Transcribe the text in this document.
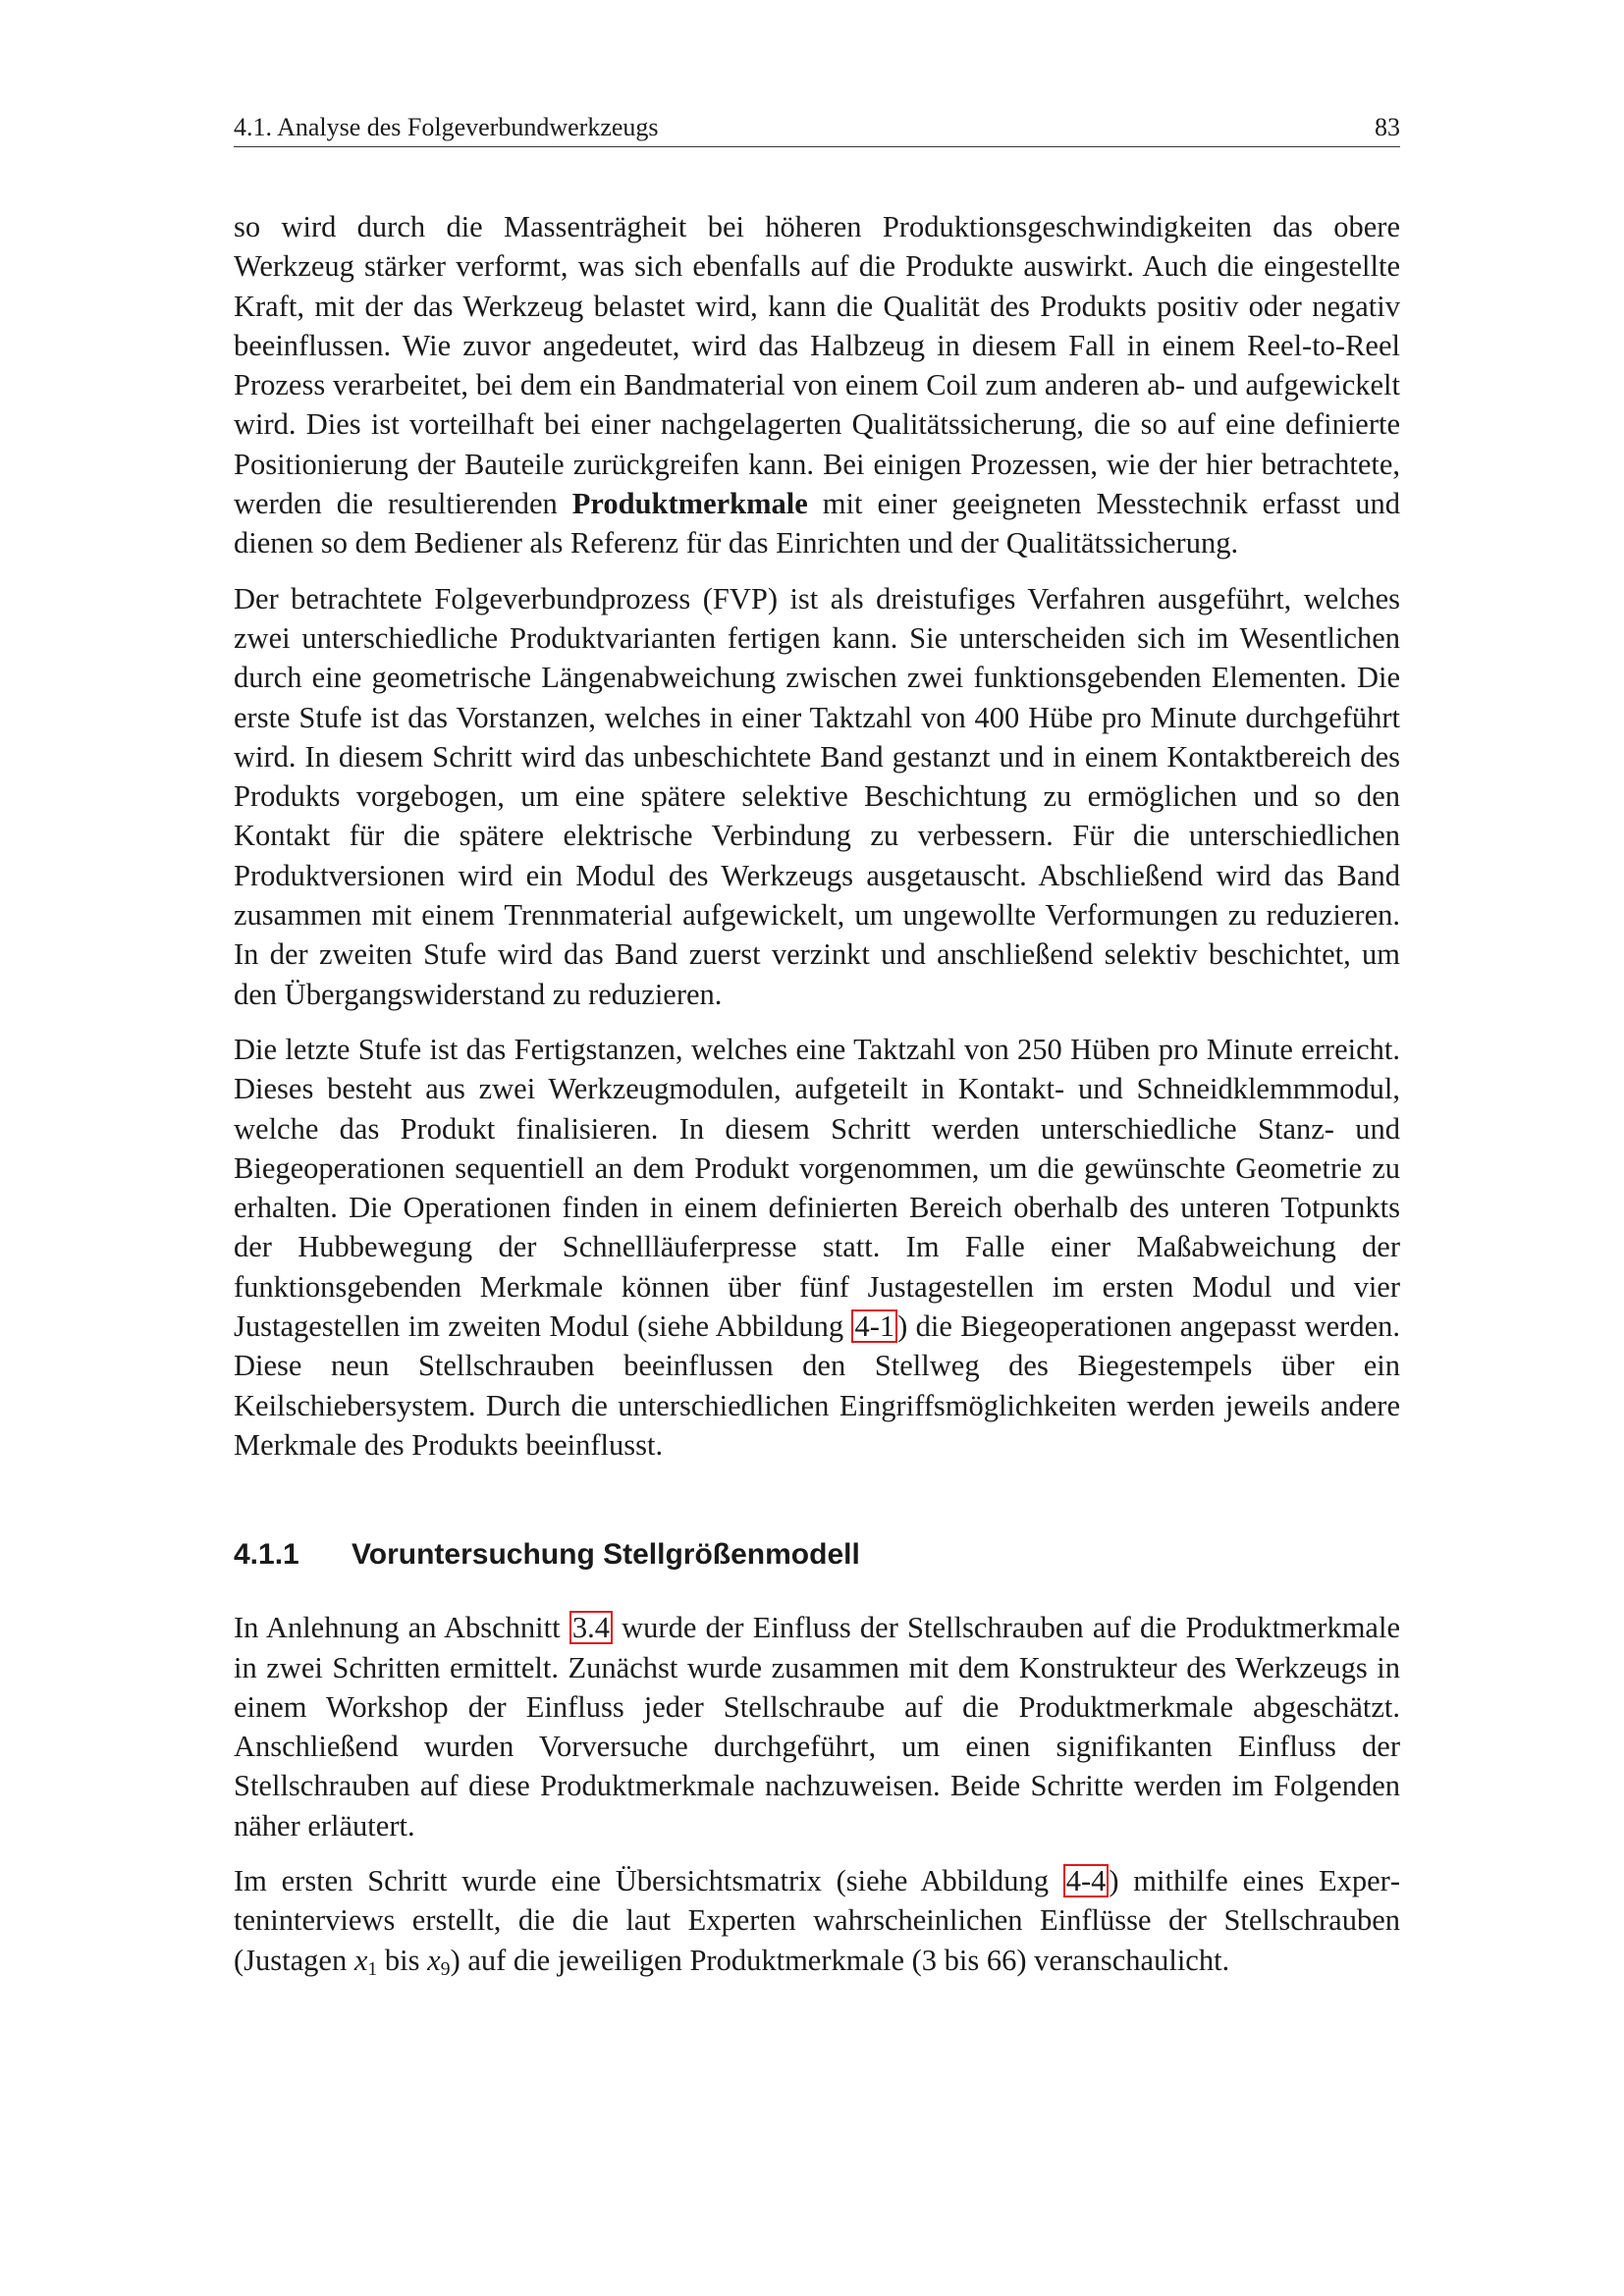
4.1. Analyse des Folgeverbundwerkzeugs	83

so wird durch die Massenträgheit bei höheren Produktionsgeschwindigkeiten das obere Werkzeug stärker verformt, was sich ebenfalls auf die Produkte auswirkt. Auch die eingestellte Kraft, mit der das Werkzeug belastet wird, kann die Qualität des Produkts positiv oder negativ beeinflussen. Wie zuvor angedeutet, wird das Halbzeug in diesem Fall in einem Reel-to-Reel Prozess verarbeitet, bei dem ein Bandmaterial von einem Coil zum anderen ab- und aufgewickelt wird. Dies ist vorteilhaft bei einer nachgelagerten Qualitätssicherung, die so auf eine definierte Positionierung der Bauteile zurückgreifen kann. Bei einigen Prozessen, wie der hier betrachtete, werden die resultierenden Produktmerkmale mit einer geeigneten Messtechnik erfasst und dienen so dem Bediener als Referenz für das Einrichten und der Qualitätssicherung.

Der betrachtete Folgeverbundprozess (FVP) ist als dreistufiges Verfahren ausgeführt, welches zwei unterschiedliche Produktvarianten fertigen kann. Sie unterscheiden sich im Wesentlichen durch eine geometrische Längenabweichung zwischen zwei funktionsgebenden Elementen. Die erste Stufe ist das Vorstanzen, welches in einer Taktzahl von 400 Hübe pro Minute durchgeführt wird. In diesem Schritt wird das unbeschichtete Band gestanzt und in einem Kontaktbereich des Produkts vorgebogen, um eine spätere selektive Beschichtung zu ermöglichen und so den Kontakt für die spätere elektrische Verbindung zu verbessern. Für die unterschiedlichen Produktversionen wird ein Modul des Werkzeugs ausgetauscht. Abschließend wird das Band zusammen mit einem Trennmaterial aufgewickelt, um ungewollte Verformungen zu reduzieren. In der zweiten Stufe wird das Band zuerst verzinkt und anschließend selektiv beschichtet, um den Übergangswiderstand zu reduzieren.

Die letzte Stufe ist das Fertigstanzen, welches eine Taktzahl von 250 Hüben pro Minute erreicht. Dieses besteht aus zwei Werkzeugmodulen, aufgeteilt in Kontakt- und Schneidklemmmodul, welche das Produkt finalisieren. In diesem Schritt werden unterschiedliche Stanz- und Biegeoperationen sequentiell an dem Produkt vorgenommen, um die gewünschte Geometrie zu erhalten. Die Operationen finden in einem definierten Bereich oberhalb des unteren Totpunkts der Hubbewegung der Schnellläuferpresse statt. Im Falle einer Maßabweichung der funktionsgebenden Merkmale können über fünf Justagestellen im ersten Modul und vier Justagestellen im zweiten Modul (siehe Abbildung 4-1) die Biegeoperationen angepasst werden. Diese neun Stellschrauben beeinflussen den Stellweg des Biegestempels über ein Keilschiebersystem. Durch die unterschiedlichen Eingriffsmöglichkeiten werden jeweils andere Merkmale des Produkts beeinflusst.

4.1.1	Voruntersuchung Stellgrößenmodell

In Anlehnung an Abschnitt 3.4 wurde der Einfluss der Stellschrauben auf die Produktmerkmale in zwei Schritten ermittelt. Zunächst wurde zusammen mit dem Konstrukteur des Werkzeugs in einem Workshop der Einfluss jeder Stellschraube auf die Produktmerkmale abgeschätzt. Anschließend wurden Vorversuche durchgeführt, um einen signifikanten Einfluss der Stellschrauben auf diese Produktmerkmale nachzuweisen. Beide Schritte werden im Folgenden näher erläutert.

Im ersten Schritt wurde eine Übersichtsmatrix (siehe Abbildung 4-4) mithilfe eines Experteninterviews erstellt, die die laut Experten wahrscheinlichen Einflüsse der Stellschrauben (Justagen $x_1$ bis $x_9$) auf die jeweiligen Produktmerkmale (3 bis 66) veranschaulicht.
